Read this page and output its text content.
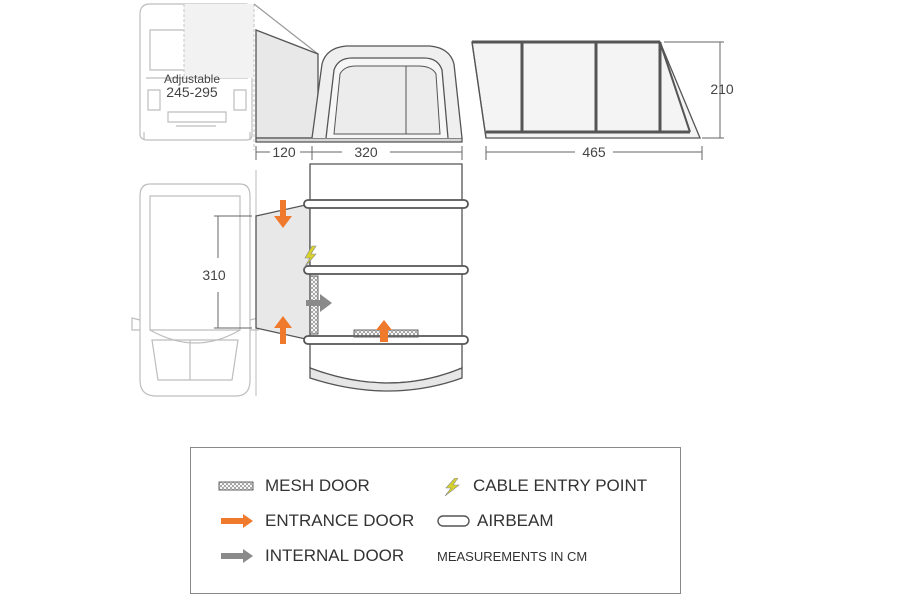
Adjustable
245-295	210
120	320	465
310
MESH DOOR
ENTRANCE DOOR
INTERNAL DOOR
CABLE ENTRY POINT
AIRBEAM
MEASUREMENTS IN CM
